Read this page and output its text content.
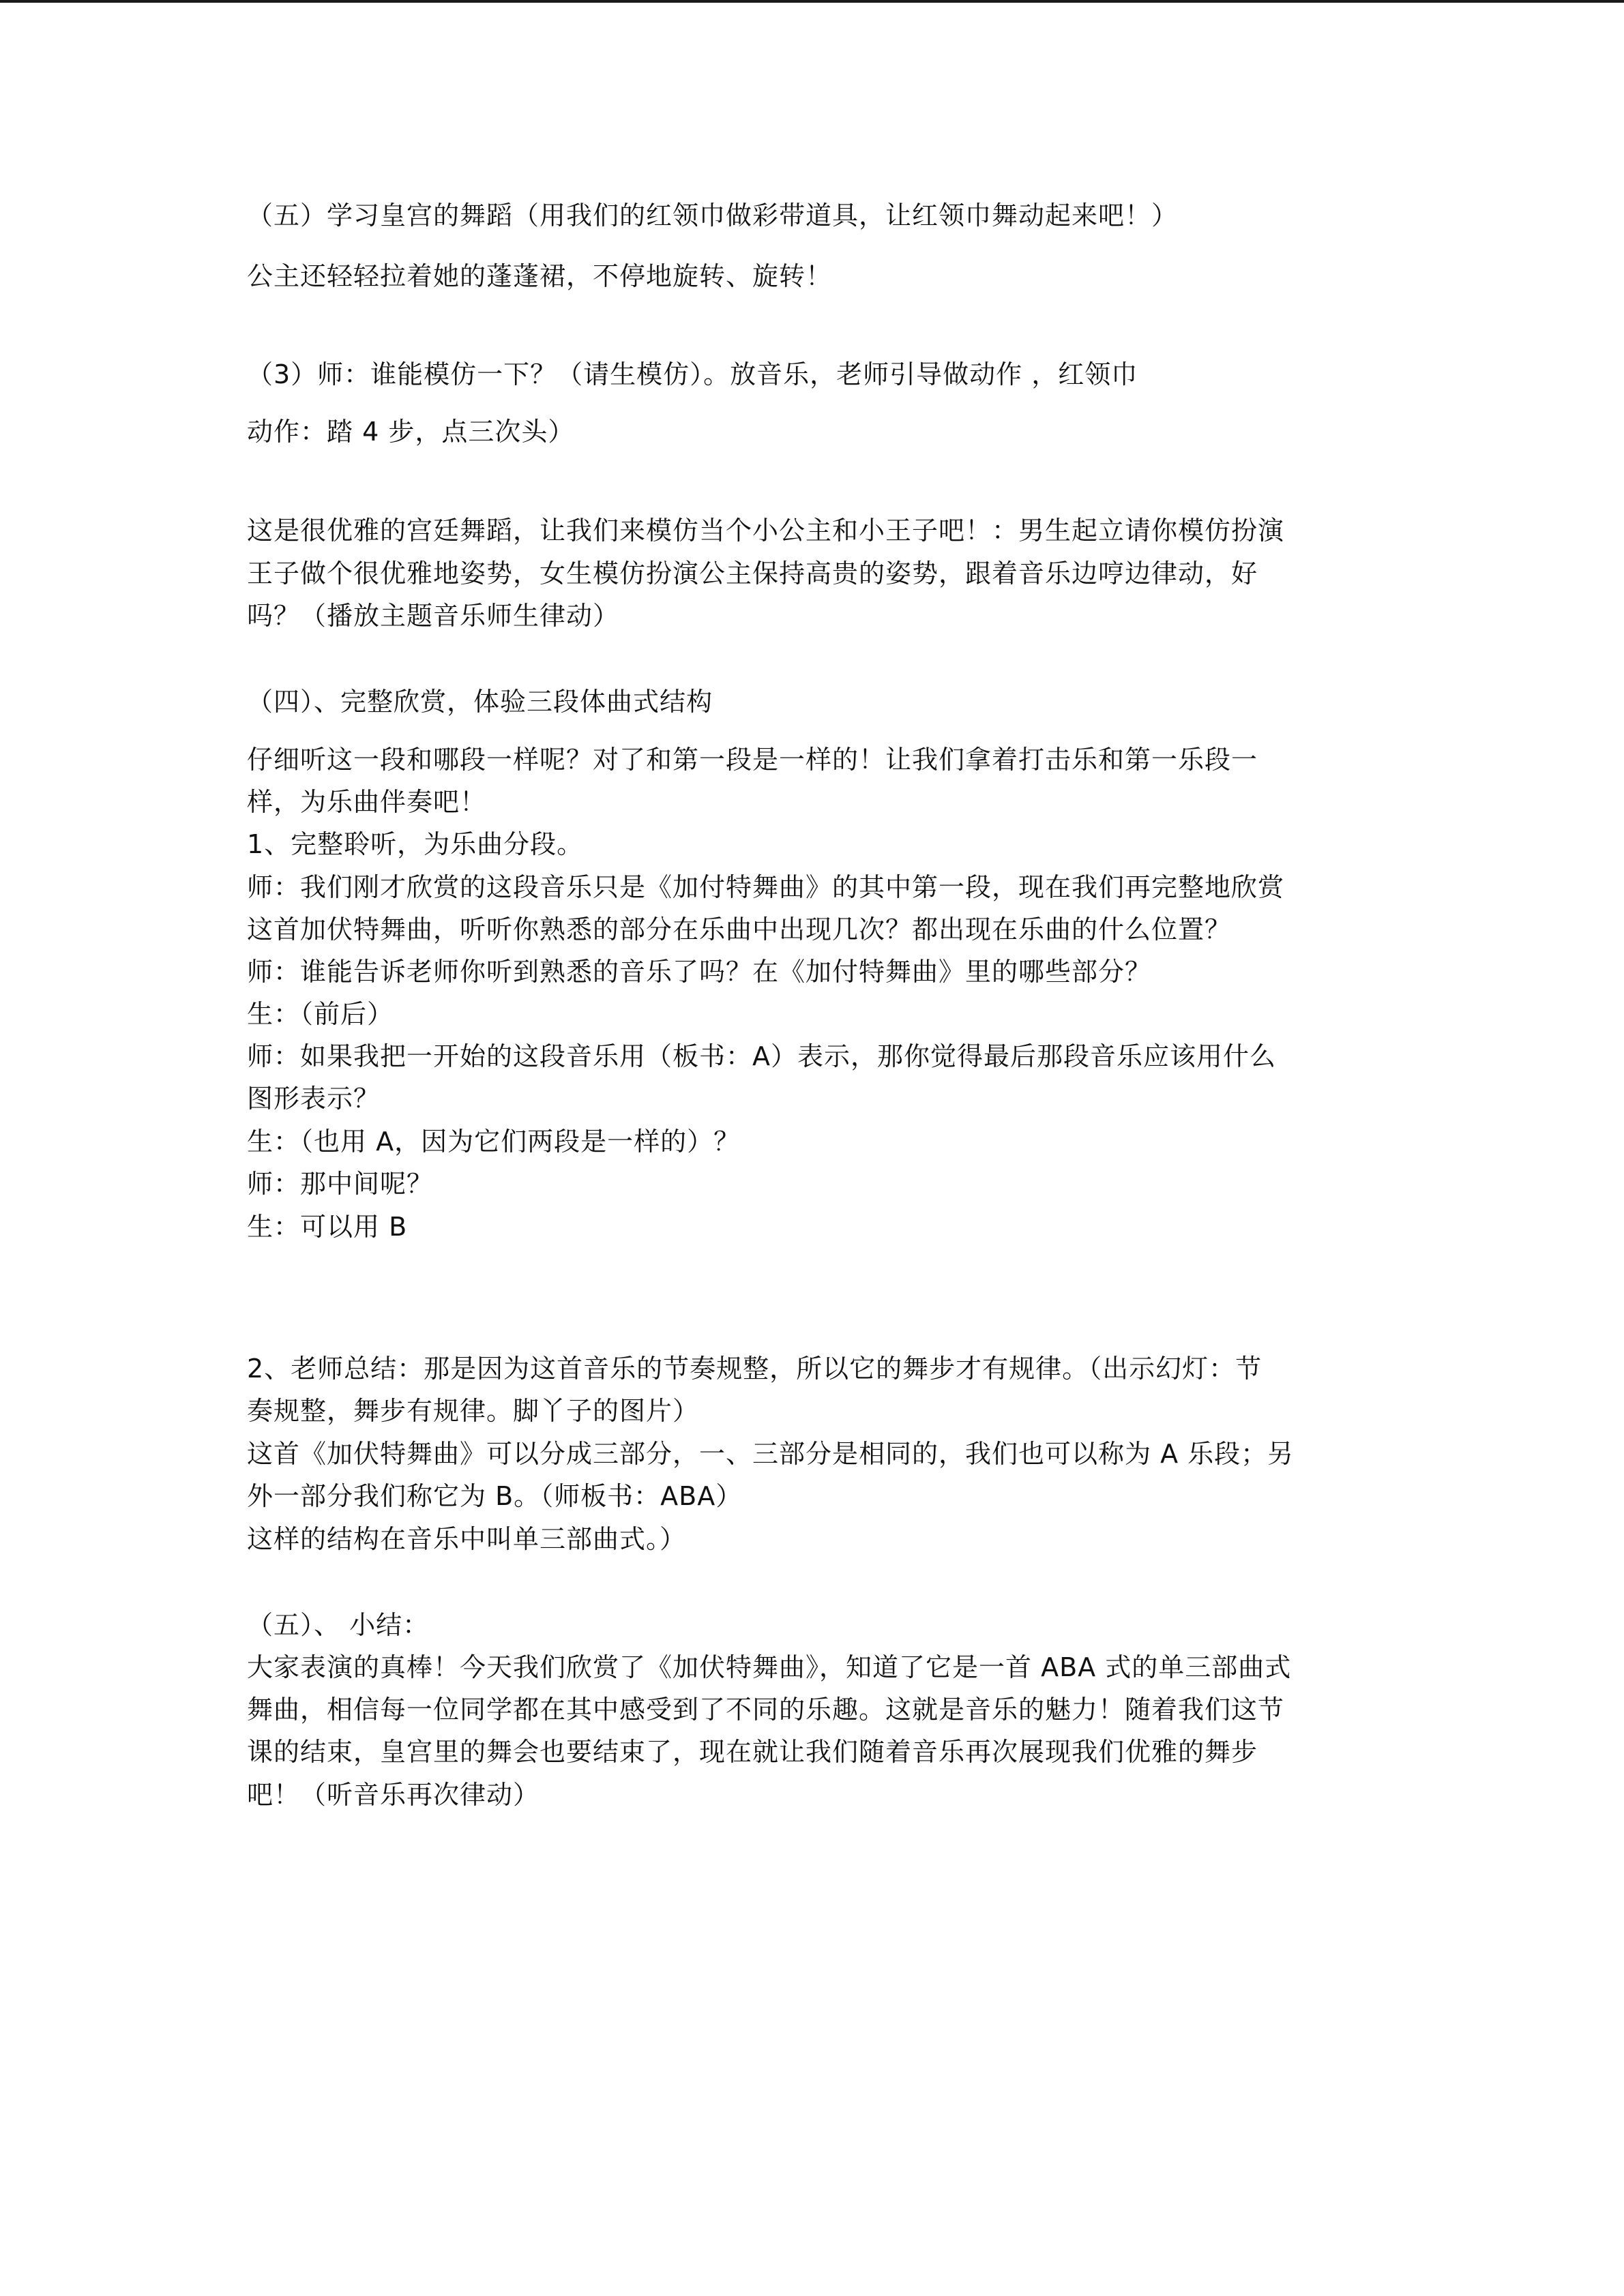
（五）学习皇宫的舞蹈（用我们的红领巾做彩带道具，让红领巾舞动起来吧！）
公主还轻轻拉着她的蓬蓬裙，不停地旋转、旋转！
（3）师：谁能模仿一下？（请生模仿）。放音乐，老师引导做动作 ，红领巾
动作：踏 4 步，点三次头）
这是很优雅的宫廷舞蹈，让我们来模仿当个小公主和小王子吧！：男生起立请你模仿扮演
王子做个很优雅地姿势，女生模仿扮演公主保持高贵的姿势，跟着音乐边哼边律动，好
吗？（播放主题音乐师生律动）
（四）、完整欣赏，体验三段体曲式结构
仔细听这一段和哪段一样呢？对了和第一段是一样的！让我们拿着打击乐和第一乐段一
样，为乐曲伴奏吧！
1、完整聆听，为乐曲分段。
师：我们刚才欣赏的这段音乐只是《加付特舞曲》的其中第一段，现在我们再完整地欣赏
这首加伏特舞曲，听听你熟悉的部分在乐曲中出现几次？都出现在乐曲的什么位置？
师：谁能告诉老师你听到熟悉的音乐了吗？在《加付特舞曲》里的哪些部分？
生：（前后）
师：如果我把一开始的这段音乐用（板书：A）表示，那你觉得最后那段音乐应该用什么
图形表示？
生：（也用 A，因为它们两段是一样的）？
师：那中间呢？
生：可以用 B
2、老师总结：那是因为这首音乐的节奏规整，所以它的舞步才有规律。（出示幻灯：节
奏规整，舞步有规律。脚丫子的图片）
这首《加伏特舞曲》可以分成三部分，一、三部分是相同的，我们也可以称为 A 乐段；另
外一部分我们称它为 B。（师板书：ABA）
这样的结构在音乐中叫单三部曲式。）
（五）、 小结：
大家表演的真棒！今天我们欣赏了《加伏特舞曲》，知道了它是一首 ABA 式的单三部曲式
舞曲，相信每一位同学都在其中感受到了不同的乐趣。这就是音乐的魅力！随着我们这节
课的结束，皇宫里的舞会也要结束了，现在就让我们随着音乐再次展现我们优雅的舞步
吧！（听音乐再次律动）
